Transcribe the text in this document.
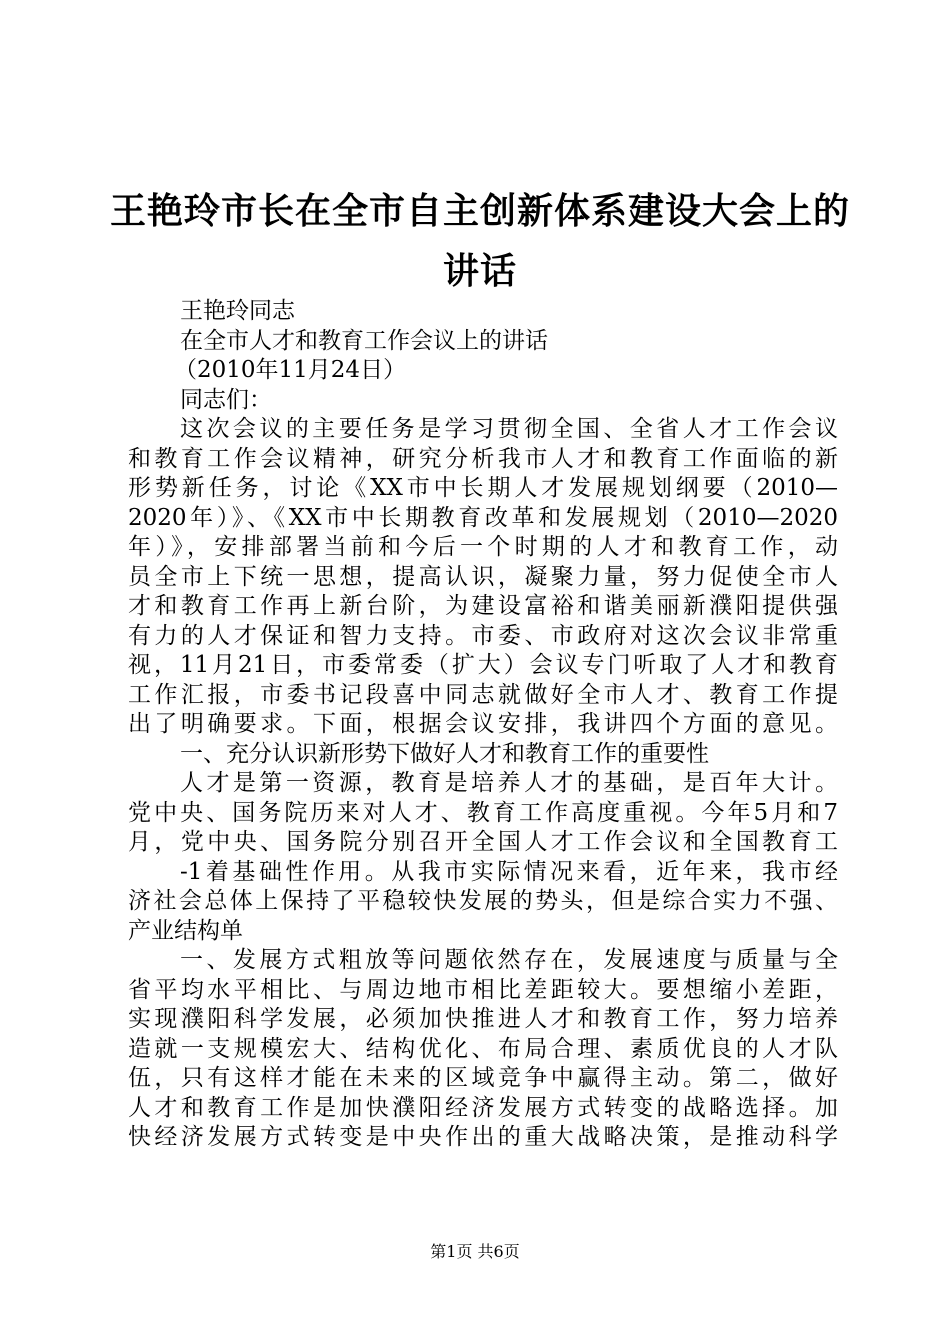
王艳玲市长在全市自主创新体系建设大会上的
讲话
王艳玲同志
在全市人才和教育工作会议上的讲话
（2010年11月24日）
同志们：
这次会议的主要任务是学习贯彻全国、全省人才工作会议
和教育工作会议精神，研究分析我市人才和教育工作面临的新
形势新任务，讨论《XX市中长期人才发展规划纲要（2010—
2020年）》、《XX市中长期教育改革和发展规划（2010—2020
年）》，安排部署当前和今后一个时期的人才和教育工作，动
员全市上下统一思想，提高认识，凝聚力量，努力促使全市人
才和教育工作再上新台阶，为建设富裕和谐美丽新濮阳提供强
有力的人才保证和智力支持。市委、市政府对这次会议非常重
视，11月21日，市委常委（扩大）会议专门听取了人才和教育
工作汇报，市委书记段喜中同志就做好全市人才、教育工作提
出了明确要求。下面，根据会议安排，我讲四个方面的意见。
一、充分认识新形势下做好人才和教育工作的重要性
人才是第一资源，教育是培养人才的基础，是百年大计。
党中央、国务院历来对人才、教育工作高度重视。今年5月和7
月，党中央、国务院分别召开全国人才工作会议和全国教育工
-1着基础性作用。从我市实际情况来看，近年来，我市经
济社会总体上保持了平稳较快发展的势头，但是综合实力不强、
产业结构单
一、发展方式粗放等问题依然存在，发展速度与质量与全
省平均水平相比、与周边地市相比差距较大。要想缩小差距，
实现濮阳科学发展，必须加快推进人才和教育工作，努力培养
造就一支规模宏大、结构优化、布局合理、素质优良的人才队
伍，只有这样才能在未来的区域竞争中赢得主动。第二，做好
人才和教育工作是加快濮阳经济发展方式转变的战略选择。加
快经济发展方式转变是中央作出的重大战略决策，是推动科学
第1页 共6页
